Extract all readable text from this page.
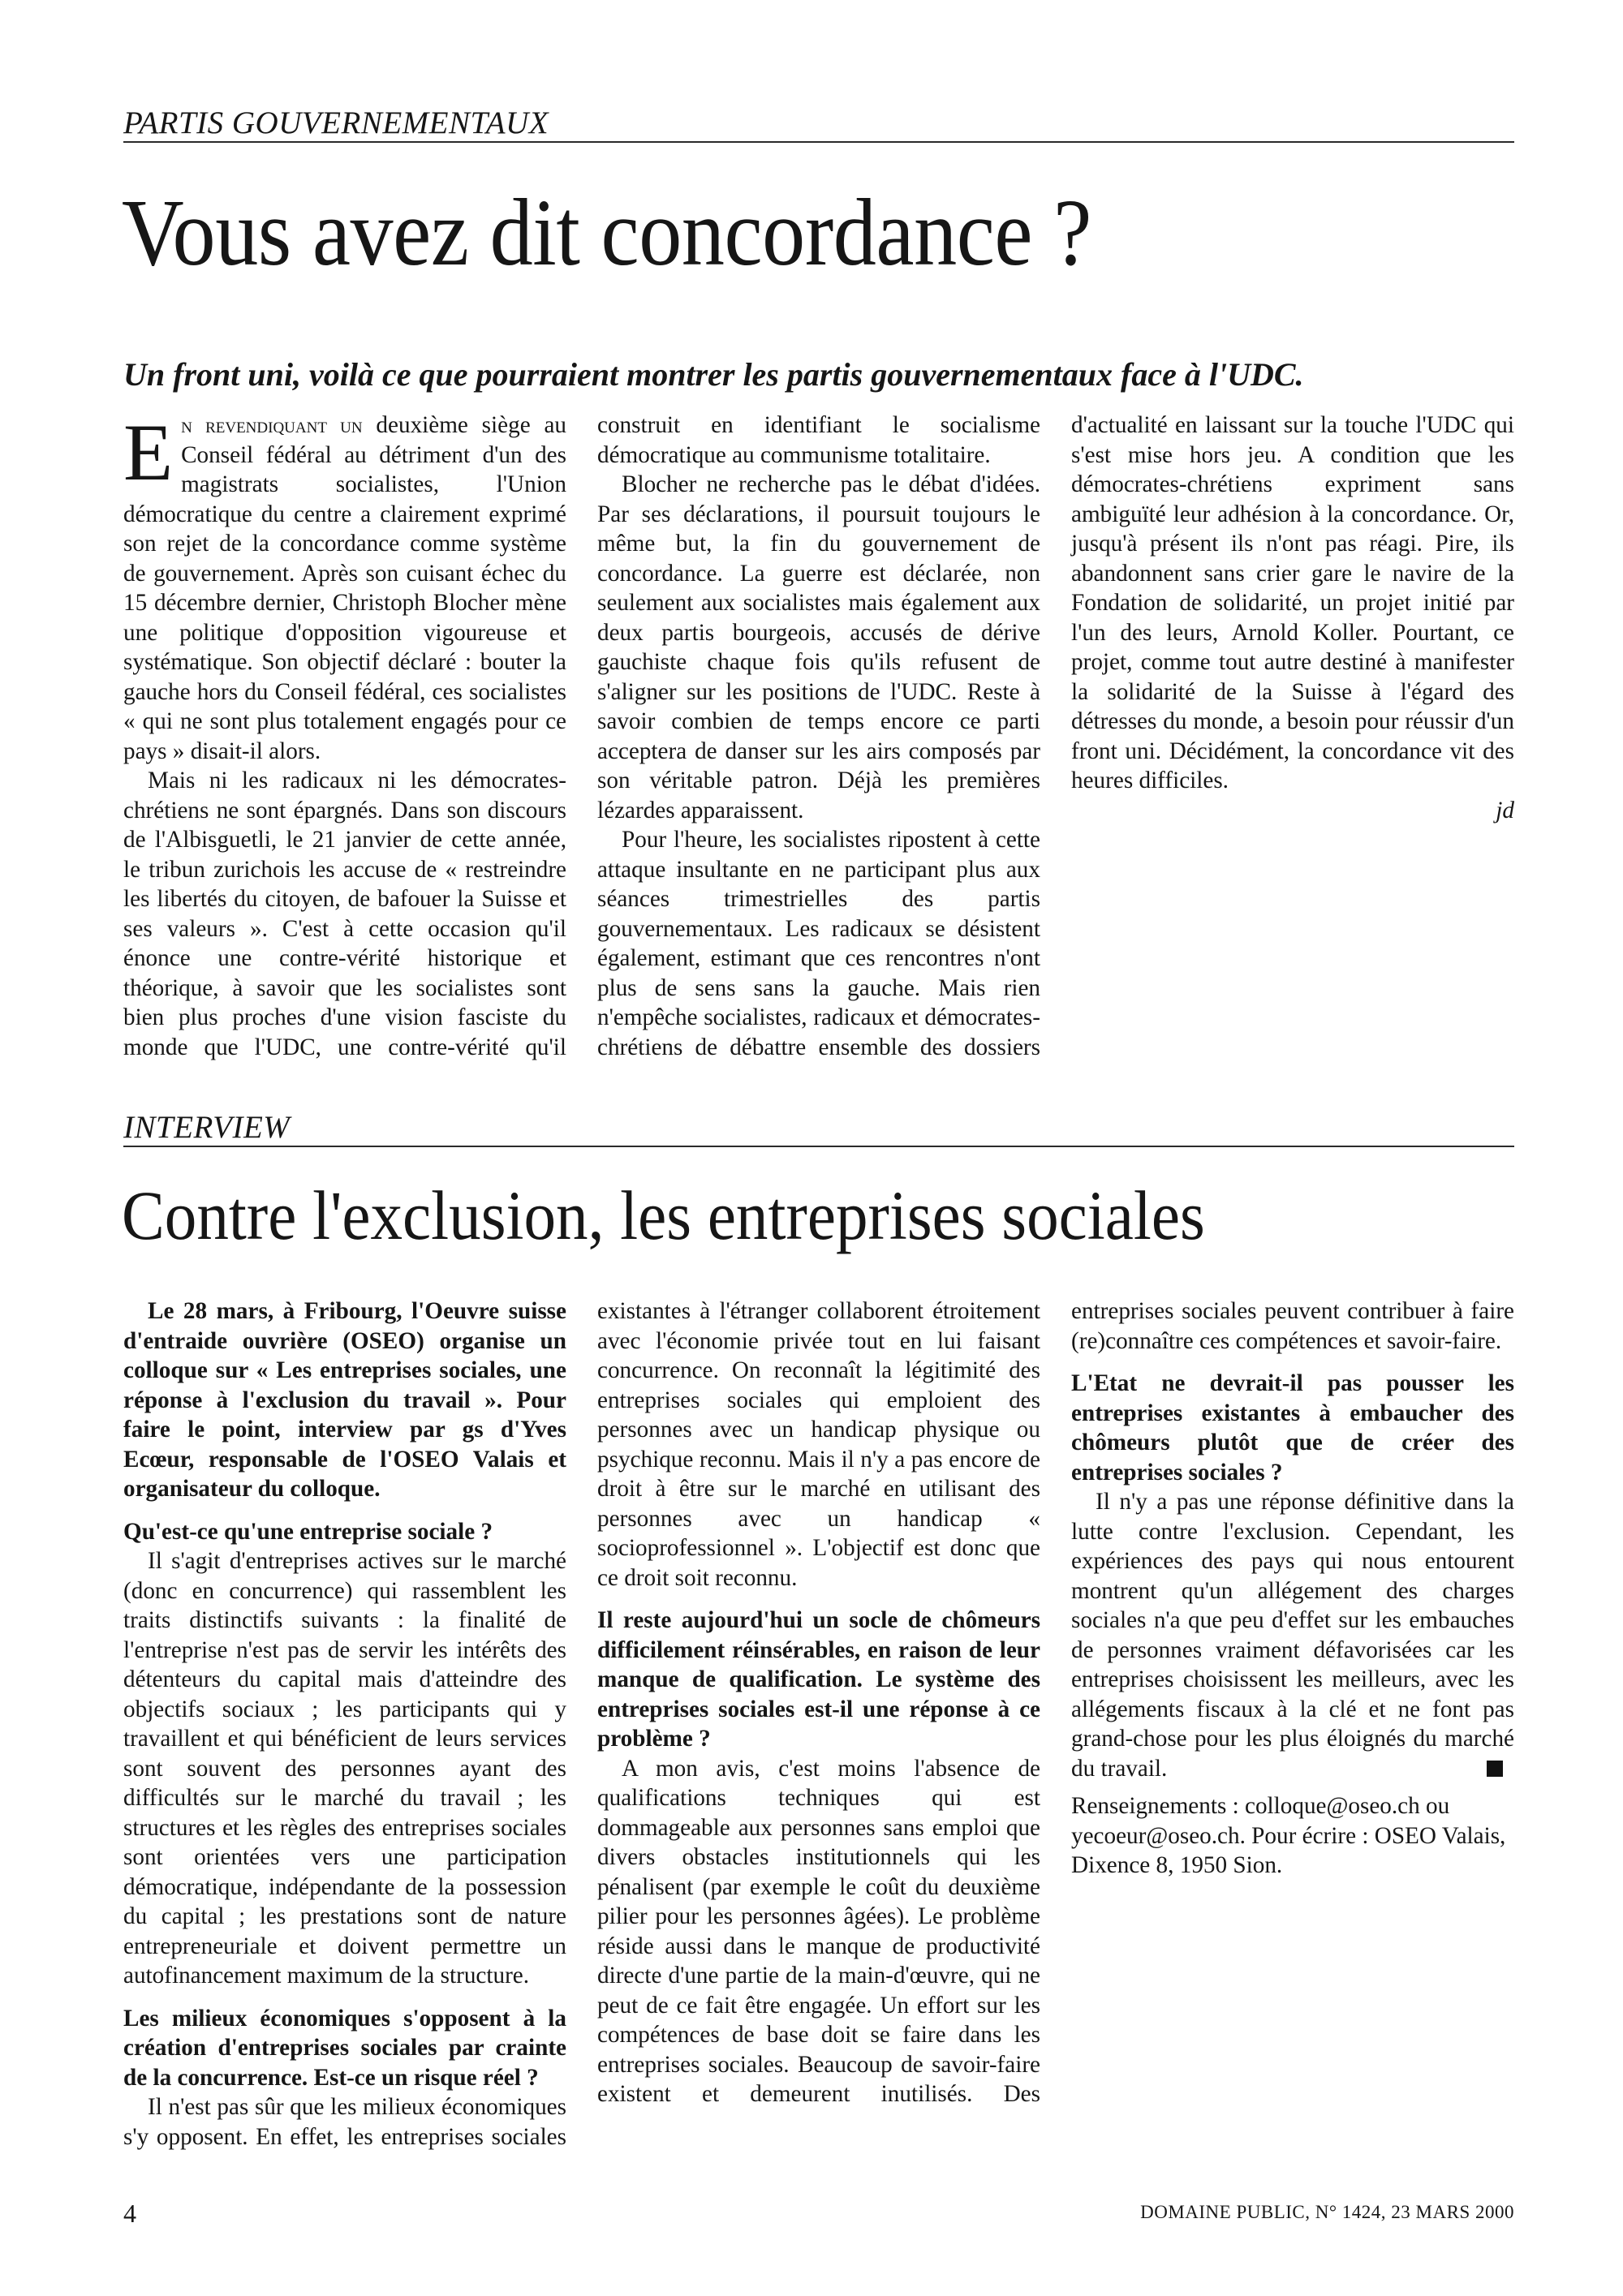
PARTIS GOUVERNEMENTAUX
Vous avez dit concordance ?
Un front uni, voilà ce que pourraient montrer les partis gouvernementaux face à l'UDC.

En revendiquant un deuxième siège au Conseil fédéral au détriment d'un des magistrats socialistes, l'Union démocratique du centre a clairement exprimé son rejet de la concordance comme système de gouvernement. Après son cuisant échec du 15 décembre dernier, Christoph Blocher mène une politique d'opposition vigoureuse et systématique. Son objectif déclaré : bouter la gauche hors du Conseil fédéral, ces socialistes « qui ne sont plus totalement engagés pour ce pays » disait-il alors.

Mais ni les radicaux ni les démocrates-chrétiens ne sont épargnés. Dans son discours de l'Albisguetli, le 21 janvier de cette année, le tribun zurichois les accuse de « restreindre les libertés du citoyen, de bafouer la Suisse et ses valeurs ». C'est à cette occasion qu'il énonce une contre-vérité historique et théorique, à savoir que les socialistes sont bien plus proches d'une vision fasciste du monde que l'UDC, une contre-vérité qu'il construit en identifiant le socialisme démocratique au communisme totalitaire.

Blocher ne recherche pas le débat d'idées. Par ses déclarations, il poursuit toujours le même but, la fin du gouvernement de concordance. La guerre est déclarée, non seulement aux socialistes mais également aux deux partis bourgeois, accusés de dérive gauchiste chaque fois qu'ils refusent de s'aligner sur les positions de l'UDC. Reste à savoir combien de temps encore ce parti acceptera de danser sur les airs composés par son véritable patron. Déjà les premières lézardes apparaissent.

Pour l'heure, les socialistes ripostent à cette attaque insultante en ne participant plus aux séances trimestrielles des partis gouvernementaux. Les radicaux se désistent également, estimant que ces rencontres n'ont plus de sens sans la gauche. Mais rien n'empêche socialistes, radicaux et démocrates-chrétiens de débattre ensemble des dossiers d'actualité en laissant sur la touche l'UDC qui s'est mise hors jeu. A condition que les démocrates-chrétiens expriment sans ambiguïté leur adhésion à la concordance. Or, jusqu'à présent ils n'ont pas réagi. Pire, ils abandonnent sans crier gare le navire de la Fondation de solidarité, un projet initié par l'un des leurs, Arnold Koller. Pourtant, ce projet, comme tout autre destiné à manifester la solidarité de la Suisse à l'égard des détresses du monde, a besoin pour réussir d'un front uni. Décidément, la concordance vit des heures difficiles.

jd

INTERVIEW
Contre l'exclusion, les entreprises sociales

Le 28 mars, à Fribourg, l'Oeuvre suisse d'entraide ouvrière (OSEO) organise un colloque sur « Les entreprises sociales, une réponse à l'exclusion du travail ». Pour faire le point, interview par gs d'Yves Ecœur, responsable de l'OSEO Valais et organisateur du colloque.

Qu'est-ce qu'une entreprise sociale ?

Il s'agit d'entreprises actives sur le marché (donc en concurrence) qui rassemblent les traits distinctifs suivants : la finalité de l'entreprise n'est pas de servir les intérêts des détenteurs du capital mais d'atteindre des objectifs sociaux ; les participants qui y travaillent et qui bénéficient de leurs services sont souvent des personnes ayant des difficultés sur le marché du travail ; les structures et les règles des entreprises sociales sont orientées vers une participation démocratique, indépendante de la possession du capital ; les prestations sont de nature entrepreneuriale et doivent permettre un autofinancement maximum de la structure.

Les milieux économiques s'opposent à la création d'entreprises sociales par crainte de la concurrence. Est-ce un risque réel ?

Il n'est pas sûr que les milieux économiques s'y opposent. En effet, les entreprises sociales existantes à l'étranger collaborent étroitement avec l'économie privée tout en lui faisant concurrence. On reconnaît la légitimité des entreprises sociales qui emploient des personnes avec un handicap physique ou psychique reconnu. Mais il n'y a pas encore de droit à être sur le marché en utilisant des personnes avec un handicap « socioprofessionnel ». L'objectif est donc que ce droit soit reconnu.

Il reste aujourd'hui un socle de chômeurs difficilement réinsérables, en raison de leur manque de qualification. Le système des entreprises sociales est-il une réponse à ce problème ?

A mon avis, c'est moins l'absence de qualifications techniques qui est dommageable aux personnes sans emploi que divers obstacles institutionnels qui les pénalisent (par exemple le coût du deuxième pilier pour les personnes âgées). Le problème réside aussi dans le manque de productivité directe d'une partie de la main-d'œuvre, qui ne peut de ce fait être engagée. Un effort sur les compétences de base doit se faire dans les entreprises sociales. Beaucoup de savoir-faire existent et demeurent inutilisés. Des entreprises sociales peuvent contribuer à faire (re)connaître ces compétences et savoir-faire.

L'Etat ne devrait-il pas pousser les entreprises existantes à embaucher des chômeurs plutôt que de créer des entreprises sociales ?

Il n'y a pas une réponse définitive dans la lutte contre l'exclusion. Cependant, les expériences des pays qui nous entourent montrent qu'un allégement des charges sociales n'a que peu d'effet sur les embauches de personnes vraiment défavorisées car les entreprises choisissent les meilleurs, avec les allégements fiscaux à la clé et ne font pas grand-chose pour les plus éloignés du marché du travail.

Renseignements : colloque@oseo.ch ou yecoeur@oseo.ch. Pour écrire : OSEO Valais, Dixence 8, 1950 Sion.

4	DOMAINE PUBLIC, N° 1424, 23 MARS 2000
